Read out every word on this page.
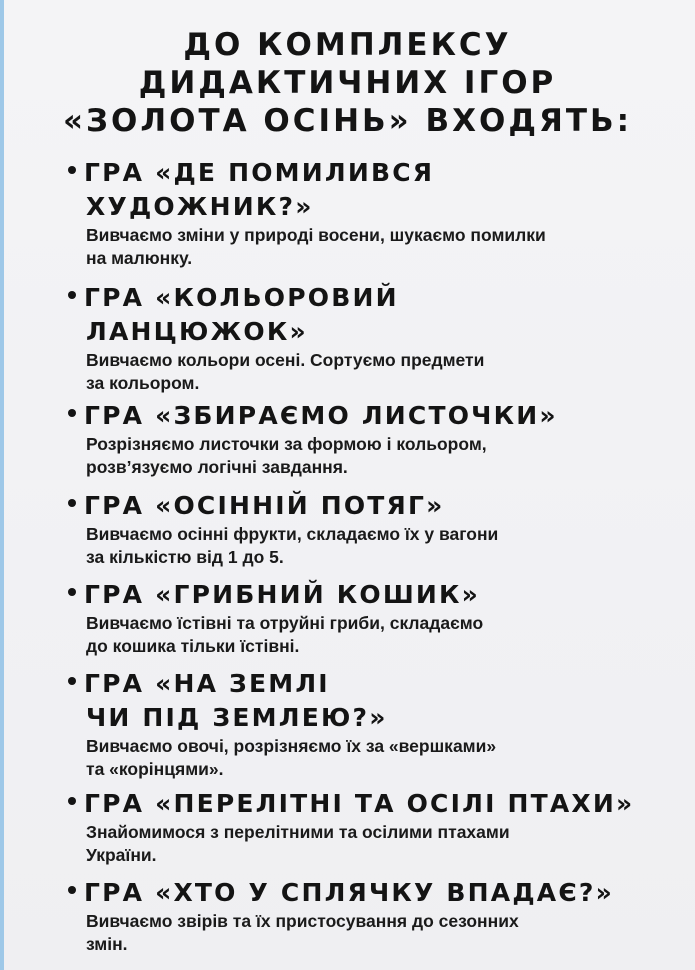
ДО КОМПЛЕКСУ
ДИДАКТИЧНИХ ІГОР
«ЗОЛОТА ОСІНЬ» ВХОДЯТЬ:
ГРА «ДЕ ПОМИЛИВСЯ
ХУДОЖНИК?»
Вивчаємо зміни у природі восени, шукаємо помилки
на малюнку.
ГРА «КОЛЬОРОВИЙ
ЛАНЦЮЖОК»
Вивчаємо кольори осені. Сортуємо предмети
за кольором.
ГРА «ЗБИРАЄМО ЛИСТОЧКИ»
Розрізняємо листочки за формою і кольором,
розв’язуємо логічні завдання.
ГРА «ОСІННІЙ ПОТЯГ»
Вивчаємо осінні фрукти, складаємо їх у вагони
за кількістю від 1 до 5.
ГРА «ГРИБНИЙ КОШИК»
Вивчаємо їстівні та отруйні гриби, складаємо
до кошика тільки їстівні.
ГРА «НА ЗЕМЛІ
ЧИ ПІД ЗЕМЛЕЮ?»
Вивчаємо овочі, розрізняємо їх за «вершками»
та «корінцями».
ГРА «ПЕРЕЛІТНІ ТА ОСІЛІ ПТАХИ»
Знайомимося з перелітними та осілими птахами
України.
ГРА «ХТО У СПЛЯЧКУ ВПАДАЄ?»
Вивчаємо звірів та їх пристосування до сезонних
змін.
